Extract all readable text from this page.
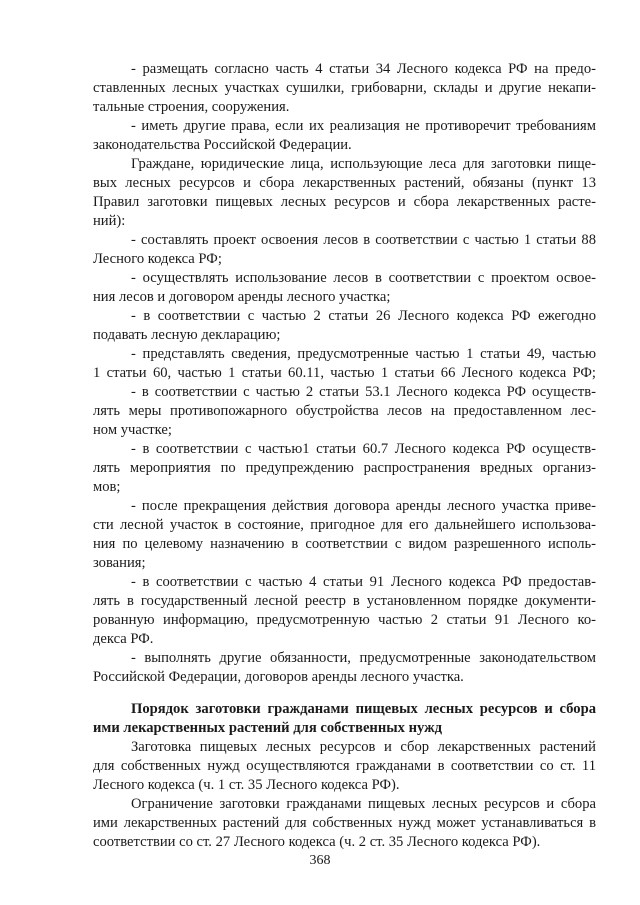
- размещать согласно часть 4 статьи 34 Лесного кодекса РФ на предо-
ставленных лесных участках сушилки, грибоварни, склады и другие некапи-
тальные строения, сооружения.
- иметь другие права, если их реализация не противоречит требованиям
законодательства Российской Федерации.
Граждане, юридические лица, использующие леса для заготовки пище-
вых лесных ресурсов и сбора лекарственных растений, обязаны (пункт 13
Правил заготовки пищевых лесных ресурсов и сбора лекарственных расте-
ний):
- составлять проект освоения лесов в соответствии с частью 1 статьи 88
Лесного кодекса РФ;
- осуществлять использование лесов в соответствии с проектом освое-
ния лесов и договором аренды лесного участка;
- в соответствии с частью 2 статьи 26 Лесного кодекса РФ ежегодно
подавать лесную декларацию;
- представлять сведения, предусмотренные частью 1 статьи 49, частью
1 статьи 60, частью 1 статьи 60.11, частью 1 статьи 66 Лесного кодекса РФ;
- в соответствии с частью 2 статьи 53.1 Лесного кодекса РФ осуществ-
лять меры противопожарного обустройства лесов на предоставленном лес-
ном участке;
- в соответствии с частью1 статьи 60.7 Лесного кодекса РФ осуществ-
лять мероприятия по предупреждению распространения вредных организ-
мов;
- после прекращения действия договора аренды лесного участка приве-
сти лесной участок в состояние, пригодное для его дальнейшего использова-
ния по целевому назначению в соответствии с видом разрешенного исполь-
зования;
- в соответствии с частью 4 статьи 91 Лесного кодекса РФ предостав-
лять в государственный лесной реестр в установленном порядке документи-
рованную информацию, предусмотренную частью 2 статьи 91 Лесного ко-
декса РФ.
- выполнять другие обязанности, предусмотренные законодательством
Российской Федерации, договоров аренды лесного участка.
Порядок заготовки гражданами пищевых лесных ресурсов и сбора
ими лекарственных растений для собственных нужд
Заготовка пищевых лесных ресурсов и сбор лекарственных растений
для собственных нужд осуществляются гражданами в соответствии со ст. 11
Лесного кодекса (ч. 1 ст. 35 Лесного кодекса РФ).
Ограничение заготовки гражданами пищевых лесных ресурсов и сбора
ими лекарственных растений для собственных нужд может устанавливаться в
соответствии со ст. 27 Лесного кодекса (ч. 2 ст. 35 Лесного кодекса РФ).
368
